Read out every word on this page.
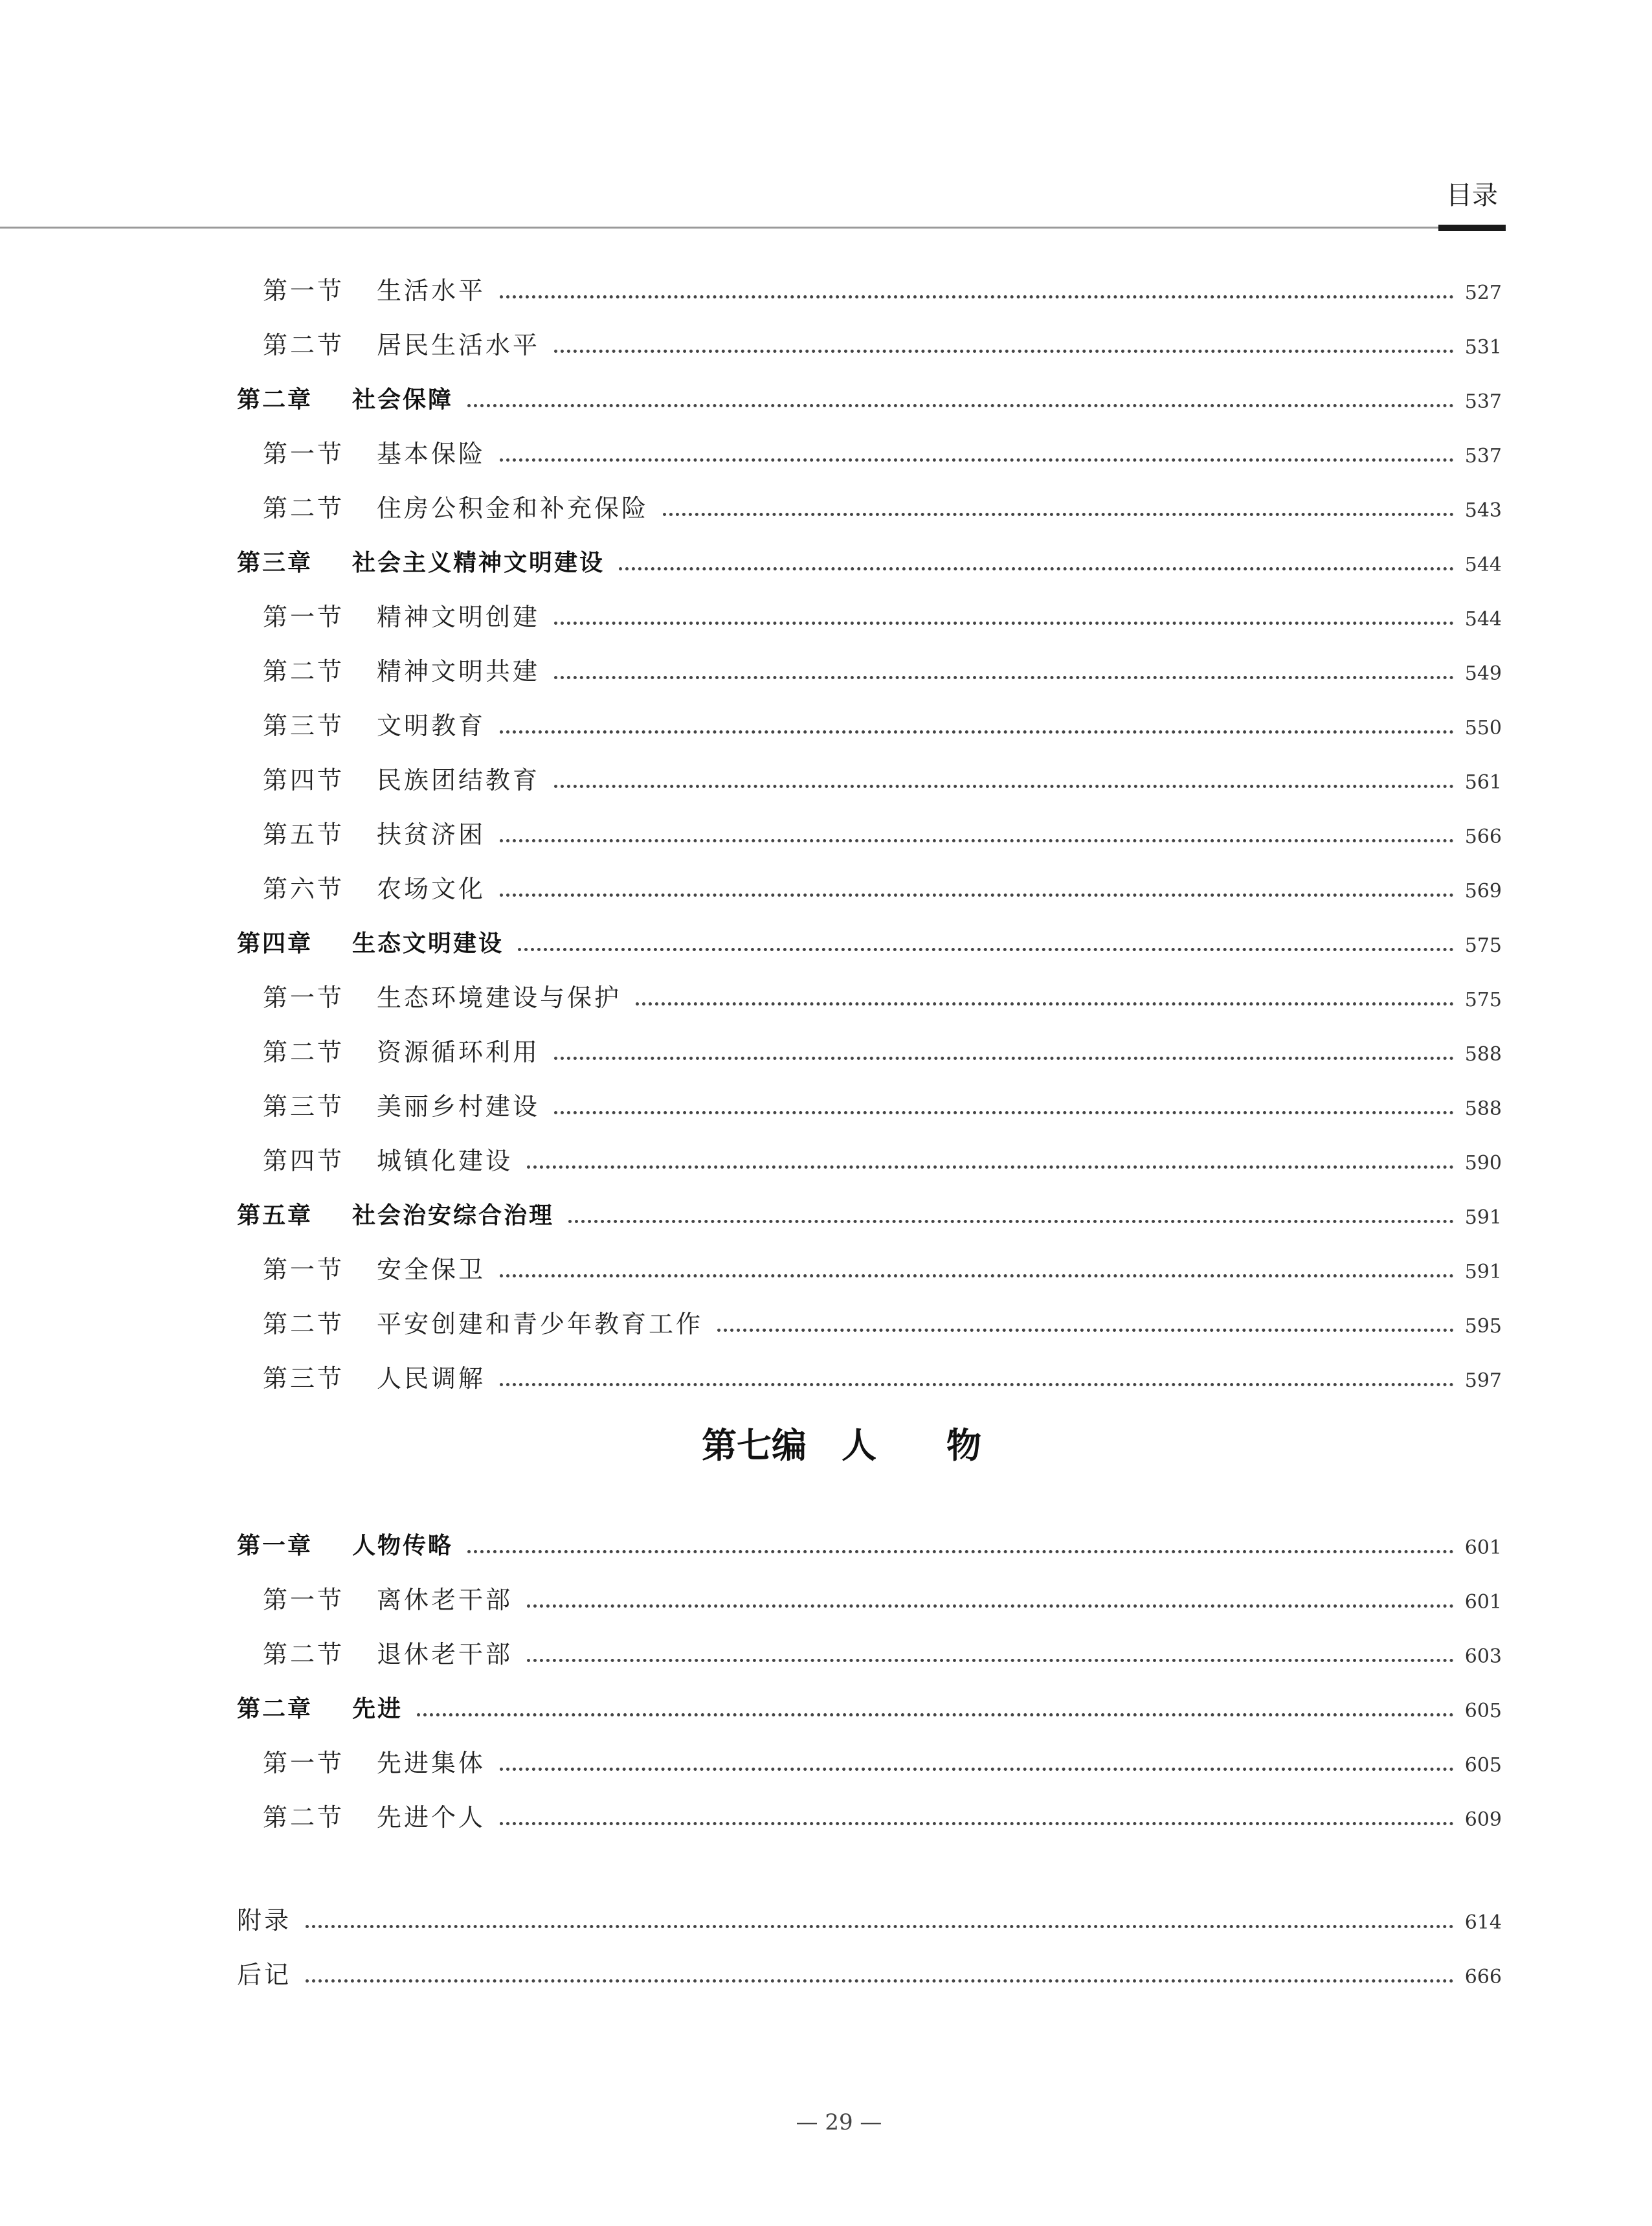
目录
第一节	生活水平	527
第二节	居民生活水平	531
第二章	社会保障	537
第一节	基本保险	537
第二节	住房公积金和补充保险	543
第三章	社会主义精神文明建设	544
第一节	精神文明创建	544
第二节	精神文明共建	549
第三节	文明教育	550
第四节	民族团结教育	561
第五节	扶贫济困	566
第六节	农场文化	569
第四章	生态文明建设	575
第一节	生态环境建设与保护	575
第二节	资源循环利用	588
第三节	美丽乡村建设	588
第四节	城镇化建设	590
第五章	社会治安综合治理	591
第一节	安全保卫	591
第二节	平安创建和青少年教育工作	595
第三节	人民调解	597
第一章	人物传略	601
第一节	离休老干部	601
第二节	退休老干部	603
第二章	先进	605
第一节	先进集体	605
第二节	先进个人	609
附录	614
后记	666
第七编　人　　物
— 29 —
